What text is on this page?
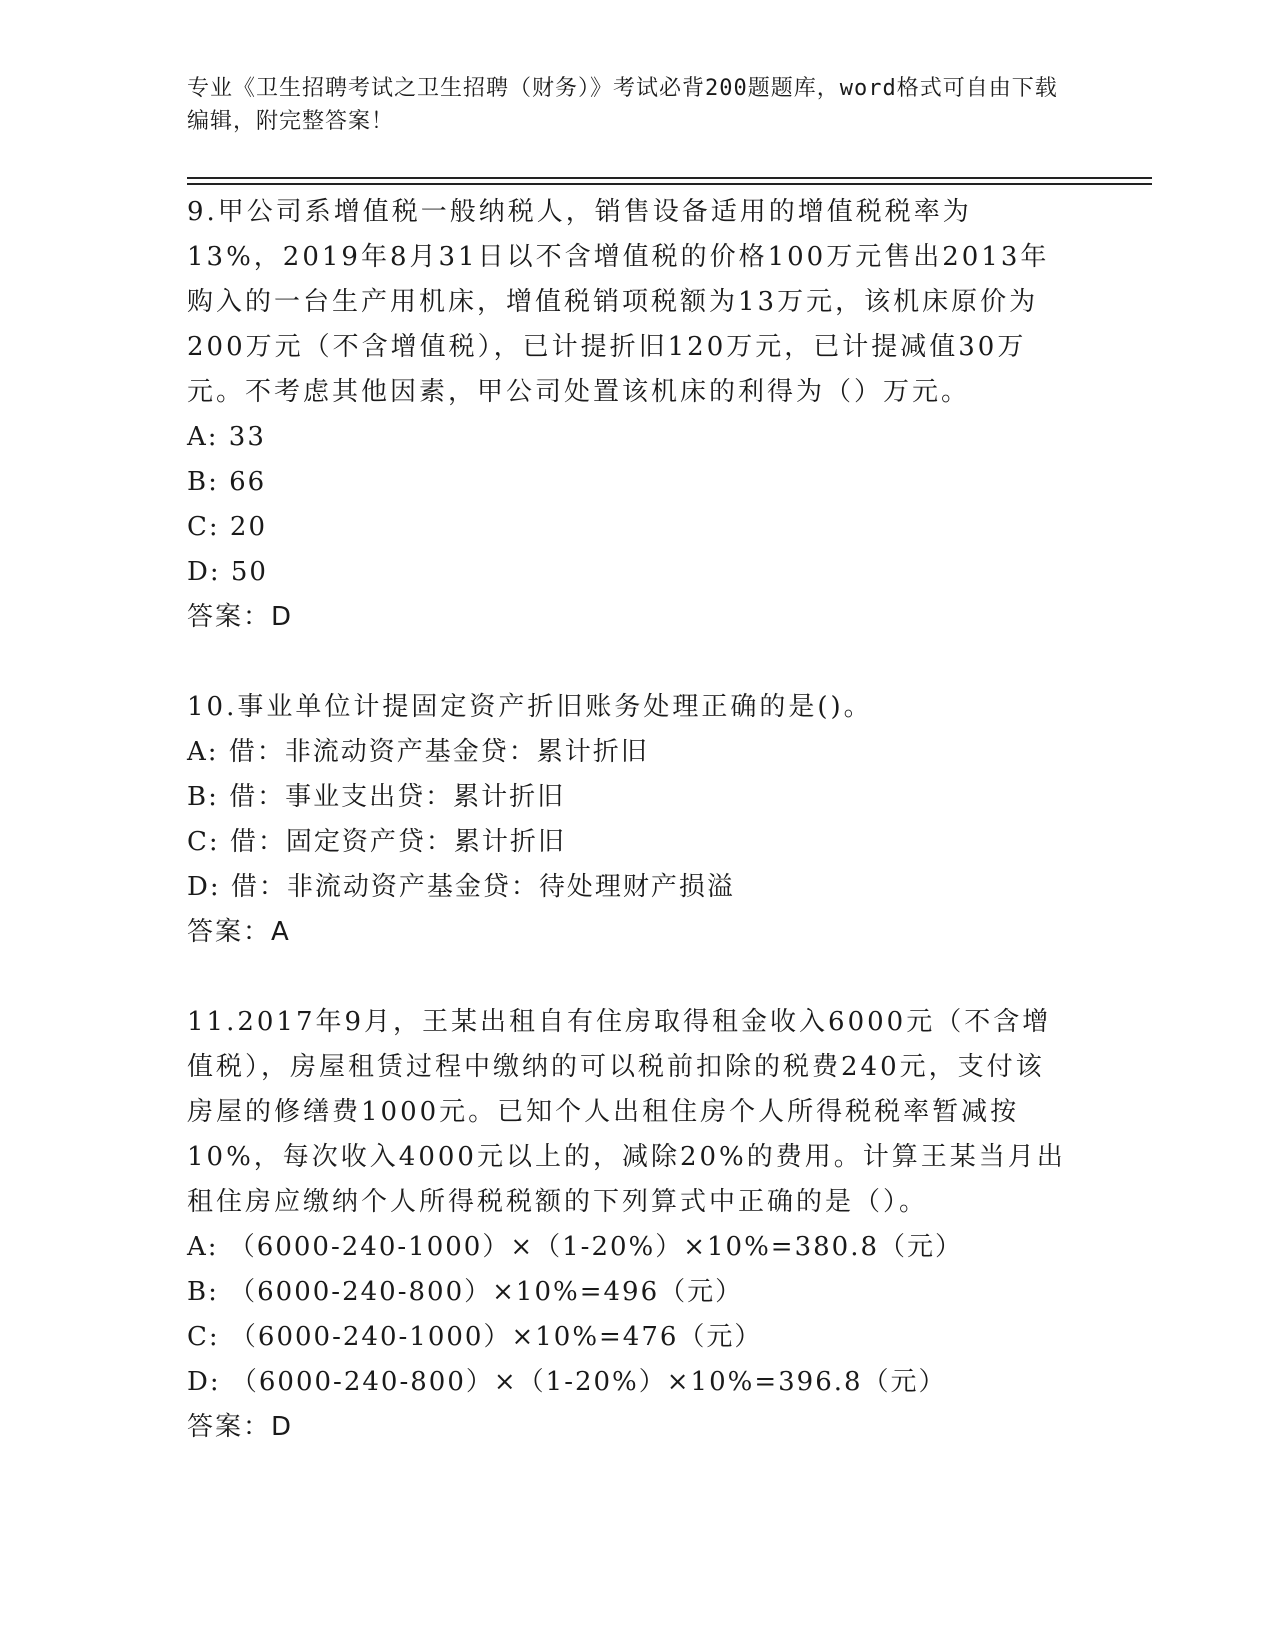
专业《卫生招聘考试之卫生招聘（财务）》考试必背200题题库，word格式可自由下载编辑，附完整答案！

9.甲公司系增值税一般纳税人，销售设备适用的增值税税率为13%，2019年8月31日以不含增值税的价格100万元售出2013年购入的一台生产用机床，增值税销项税额为13万元，该机床原价为200万元（不含增值税），已计提折旧120万元，已计提减值30万元。不考虑其他因素，甲公司处置该机床的利得为（）万元。

A: 33

B: 66

C: 20

D: 50

答案：D

10.事业单位计提固定资产折旧账务处理正确的是()。

A: 借：非流动资产基金贷：累计折旧

B: 借：事业支出贷：累计折旧

C: 借：固定资产贷：累计折旧

D: 借：非流动资产基金贷：待处理财产损溢

答案：A

11.2017年9月，王某出租自有住房取得租金收入6000元（不含增值税），房屋租赁过程中缴纳的可以税前扣除的税费240元，支付该房屋的修缮费1000元。已知个人出租住房个人所得税税率暂减按10%，每次收入4000元以上的，减除20%的费用。计算王某当月出租住房应缴纳个人所得税税额的下列算式中正确的是（）。

A: （6000-240-1000）×（1-20%）×10%=380.8（元）

B: （6000-240-800）×10%=496（元）

C: （6000-240-1000）×10%=476（元）

D: （6000-240-800）×（1-20%）×10%=396.8（元）

答案：D
